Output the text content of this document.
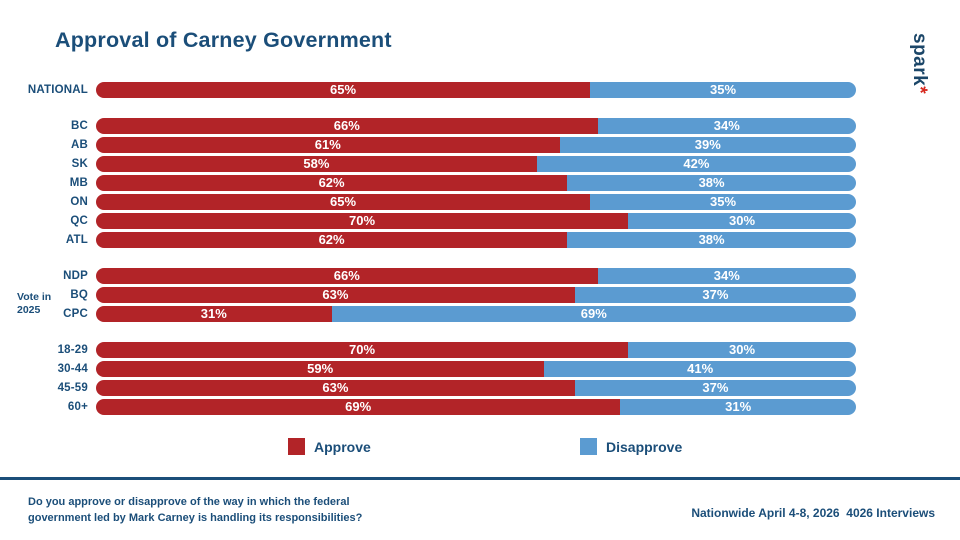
Approval of Carney Government	spark*
NATIONAL	65%	35%
BC	66%	34%
AB	61%	39%
SK	58%	42%
MB	62%	38%
ON	65%	35%
QC	70%	30%
ATL	62%	38%
NDP	66%	34%
BQ	63%	37%
CPC	31%	69%
18-29	70%	30%
30-44	59%	41%
45-59	63%	37%
60+	69%	31%
Vote in
2025
Approve	Disapprove
Do you approve or disapprove of the way in which the federal
government led by Mark Carney is handling its responsibilities?	Nationwide April 4-8, 2026  4026 Interviews
